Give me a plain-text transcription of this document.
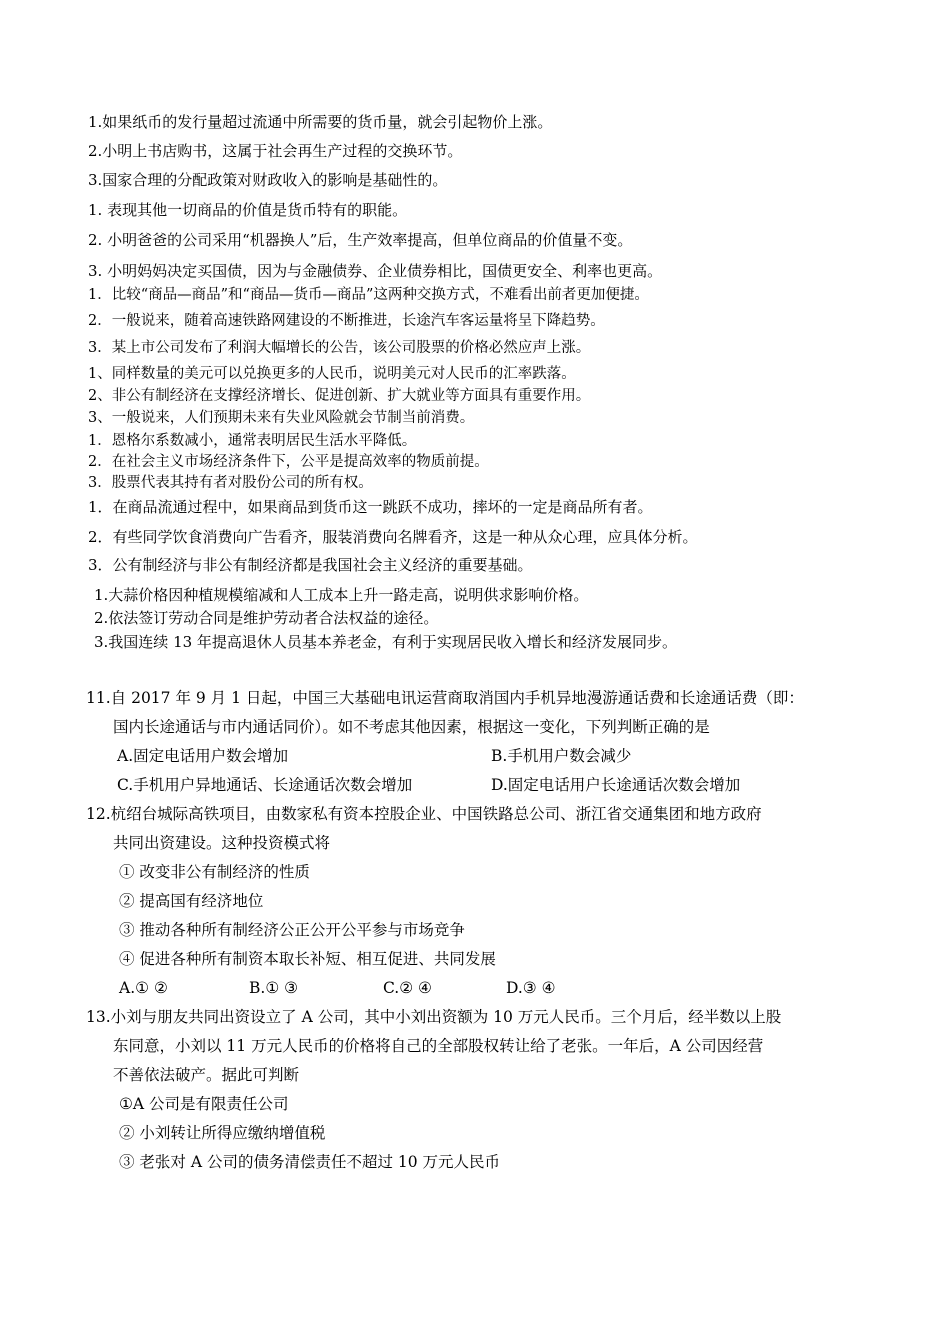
1.如果纸币的发行量超过流通中所需要的货币量，就会引起物价上涨。
2.小明上书店购书，这属于社会再生产过程的交换环节。
3.国家合理的分配政策对财政收入的影响是基础性的。
1. 表现其他一切商品的价值是货币特有的职能。
2. 小明爸爸的公司采用“机器换人”后，生产效率提高，但单位商品的价值量不变。
3. 小明妈妈决定买国债，因为与金融债券、企业债券相比，国债更安全、利率也更高。
1．比较“商品—商品”和“商品—货币—商品”这两种交换方式，不难看出前者更加便捷。
2．一般说来，随着高速铁路网建设的不断推进，长途汽车客运量将呈下降趋势。
3．某上市公司发布了利润大幅增长的公告，该公司股票的价格必然应声上涨。
1、同样数量的美元可以兑换更多的人民币，说明美元对人民币的汇率跌落。
2、非公有制经济在支撑经济增长、促进创新、扩大就业等方面具有重要作用。
3、一般说来，人们预期未来有失业风险就会节制当前消费。
1．恩格尔系数减小，通常表明居民生活水平降低。
2．在社会主义市场经济条件下，公平是提高效率的物质前提。
3．股票代表其持有者对股份公司的所有权。
1．在商品流通过程中，如果商品到货币这一跳跃不成功，摔坏的一定是商品所有者。
2．有些同学饮食消费向广告看齐，服装消费向名牌看齐，这是一种从众心理，应具体分析。
3．公有制经济与非公有制经济都是我国社会主义经济的重要基础。
1.大蒜价格因种植规模缩减和人工成本上升一路走高，说明供求影响价格。
2.依法签订劳动合同是维护劳动者合法权益的途径。
3.我国连续 13 年提高退休人员基本养老金，有利于实现居民收入增长和经济发展同步。
11.自 2017 年 9 月 1 日起，中国三大基础电讯运营商取消国内手机异地漫游通话费和长途通话费（即：
国内长途通话与市内通话同价）。如不考虑其他因素，根据这一变化，下列判断正确的是
A.固定电话用户数会增加	B.手机用户数会减少
C.手机用户异地通话、长途通话次数会增加	D.固定电话用户长途通话次数会增加
12.杭绍台城际高铁项目，由数家私有资本控股企业、中国铁路总公司、浙江省交通集团和地方政府
共同出资建设。这种投资模式将
① 改变非公有制经济的性质
② 提高国有经济地位
③ 推动各种所有制经济公正公开公平参与市场竞争
④ 促进各种所有制资本取长补短、相互促进、共同发展
A.① ②	B.① ③	C.② ④	D.③ ④
13.小刘与朋友共同出资设立了 A 公司，其中小刘出资额为 10 万元人民币。三个月后，经半数以上股
东同意，小刘以 11 万元人民币的价格将自己的全部股权转让给了老张。一年后，A 公司因经营
不善依法破产。据此可判断
①A 公司是有限责任公司
② 小刘转让所得应缴纳增值税
③ 老张对 A 公司的债务清偿责任不超过 10 万元人民币
